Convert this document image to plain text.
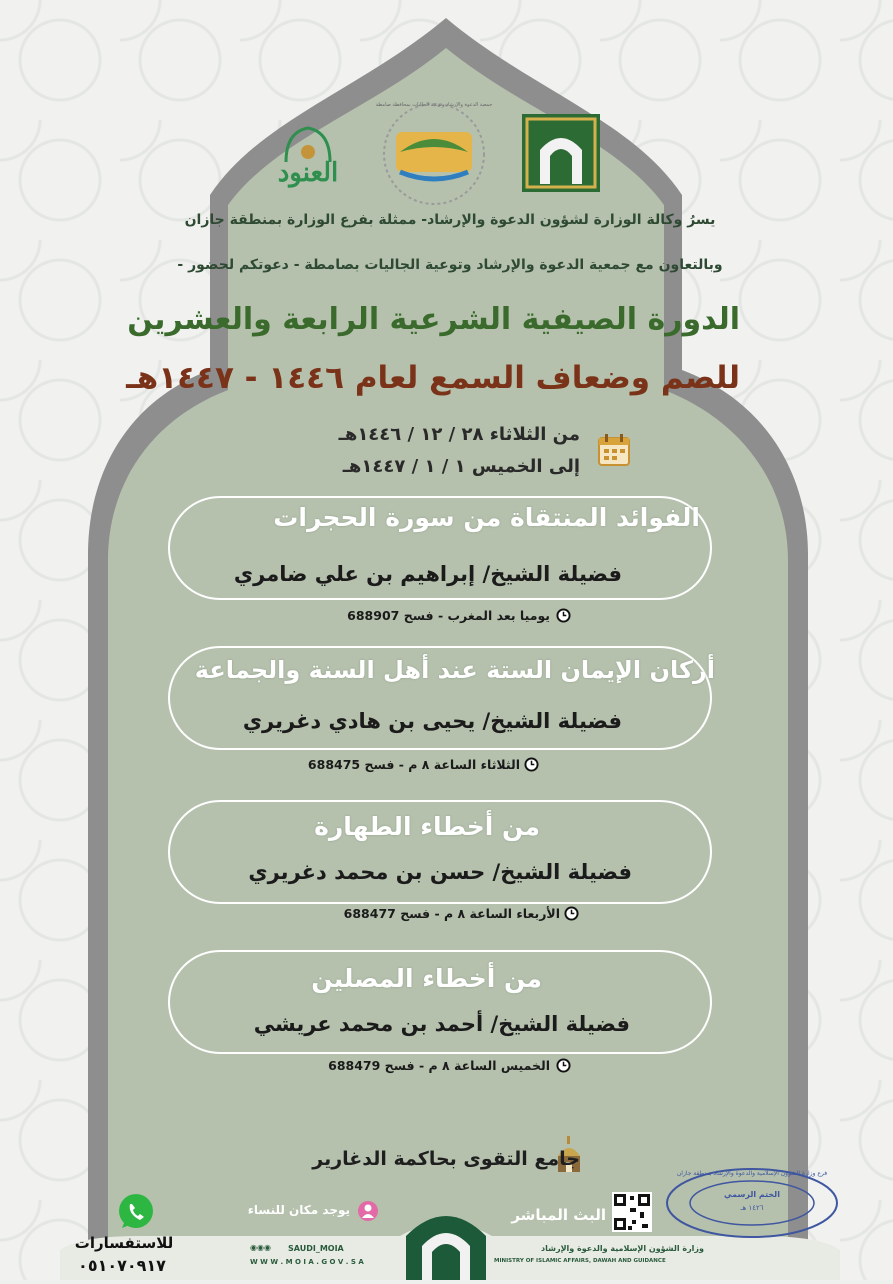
العنود
جمعية الدعوة والإرشاد وتوعية الجاليات بمحافظة صامطة
يسرُ وكالة الوزارة لشؤون الدعوة والإرشاد- ممثلة بفرع الوزارة بمنطقة جازان
وبالتعاون مع جمعية الدعوة والإرشاد وتوعية الجاليات بصامطة - دعوتكم لحضور -
الدورة الصيفية الشرعية الرابعة والعشرين
للصم وضعاف السمع لعام ١٤٤٦ - ١٤٤٧هـ
من الثلاثاء ٢٨ / ١٢ / ١٤٤٦هـ
إلى الخميس ١ / ١ / ١٤٤٧هـ
الفوائد المنتقاة من سورة الحجرات
فضيلة الشيخ/ إبراهيم بن علي ضامري
يوميا بعد المغرب - فسح 688907
أركان الإيمان الستة عند أهل السنة والجماعة
فضيلة الشيخ/ يحيى بن هادي دغريري
الثلاثاء الساعة ٨ م - فسح 688475
من أخطاء الطهارة
فضيلة الشيخ/ حسن بن محمد دغريري
الأربعاء الساعة ٨ م - فسح 688477
من أخطاء المصلين
فضيلة الشيخ/ أحمد بن محمد عريشي
الخميس الساعة ٨ م - فسح 688479
جامع التقوى بحاكمة الدغارير
فرع وزارة الشؤون الإسلامية والدعوة والإرشاد بمنطقة جازان
الختم الرسمي
١٤٢٦ هـ
للاستفسارات
٠٥١٠٧٠٩١٧
يوجد مكان للنساء	البث المباشر
SAUDI_MOIA
◉◉◉
W W W . M O I A . G O V . S A
وزارة الشؤون الإسلامية والدعوة والإرشاد
MINISTRY OF ISLAMIC AFFAIRS, DAWAH AND GUIDANCE
